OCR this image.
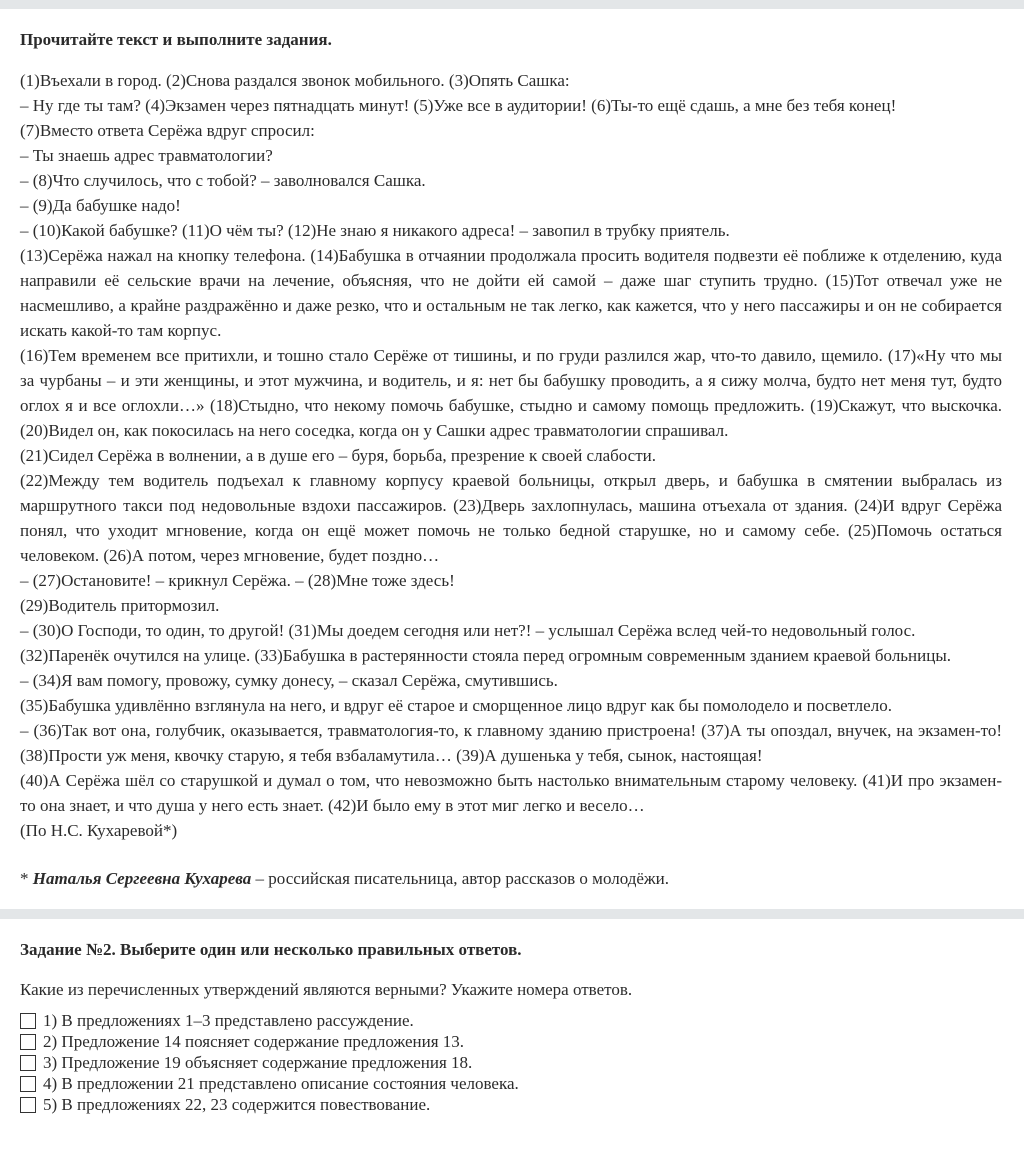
Прочитайте текст и выполните задания.

(1)Въехали в город. (2)Снова раздался звонок мобильного. (3)Опять Сашка:

– Ну где ты там? (4)Экзамен через пятнадцать минут! (5)Уже все в аудитории! (6)Ты-то ещё сдашь, а мне без тебя конец!

(7)Вместо ответа Серёжа вдруг спросил:

– Ты знаешь адрес травматологии?

– (8)Что случилось, что с тобой? – заволновался Сашка.

– (9)Да бабушке надо!

– (10)Какой бабушке? (11)О чём ты? (12)Не знаю я никакого адреса! – завопил в трубку приятель.

(13)Серёжа нажал на кнопку телефона. (14)Бабушка в отчаянии продолжала просить водителя подвезти её поближе к отделению, куда направили её сельские врачи на лечение, объясняя, что не дойти ей самой – даже шаг ступить трудно. (15)Тот отвечал уже не насмешливо, а крайне раздражённо и даже резко, что и остальным не так легко, как кажется, что у него пассажиры и он не собирается искать какой-то там корпус.

(16)Тем временем все притихли, и тошно стало Серёже от тишины, и по груди разлился жар, что-то давило, щемило. (17)«Ну что мы за чурбаны – и эти женщины, и этот мужчина, и водитель, и я: нет бы бабушку проводить, а я сижу молча, будто нет меня тут, будто оглох я и все оглохли…» (18)Стыдно, что некому помочь бабушке, стыдно и самому помощь предложить. (19)Скажут, что выскочка. (20)Видел он, как покосилась на него соседка, когда он у Сашки адрес травматологии спрашивал.

(21)Сидел Серёжа в волнении, а в душе его – буря, борьба, презрение к своей слабости.

(22)Между тем водитель подъехал к главному корпусу краевой больницы, открыл дверь, и бабушка в смятении выбралась из маршрутного такси под недовольные вздохи пассажиров. (23)Дверь захлопнулась, машина отъехала от здания. (24)И вдруг Серёжа понял, что уходит мгновение, когда он ещё может помочь не только бедной старушке, но и самому себе. (25)Помочь остаться человеком. (26)А потом, через мгновение, будет поздно…

– (27)Остановите! – крикнул Серёжа. – (28)Мне тоже здесь!

(29)Водитель притормозил.

– (30)О Господи, то один, то другой! (31)Мы доедем сегодня или нет?! – услышал Серёжа вслед чей-то недовольный голос.

(32)Паренёк очутился на улице. (33)Бабушка в растерянности стояла перед огромным современным зданием краевой больницы.

– (34)Я вам помогу, провожу, сумку донесу, – сказал Серёжа, смутившись.

(35)Бабушка удивлённо взглянула на него, и вдруг её старое и сморщенное лицо вдруг как бы помолодело и посветлело.

– (36)Так вот она, голубчик, оказывается, травматология-то, к главному зданию пристроена! (37)А ты опоздал, внучек, на экзамен-то! (38)Прости уж меня, квочку старую, я тебя взбаламутила… (39)А душенька у тебя, сынок, настоящая!

(40)А Серёжа шёл со старушкой и думал о том, что невозможно быть настолько внимательным старому человеку. (41)И про экзамен-то она знает, и что душа у него есть знает. (42)И было ему в этот миг легко и весело…

(По Н.С. Кухаревой*)

* Наталья Сергеевна Кухарева – российская писательница, автор рассказов о молодёжи.
Задание №2. Выберите один или несколько правильных ответов.
Какие из перечисленных утверждений являются верными? Укажите номера ответов.
1) В предложениях 1–3 представлено рассуждение.
2) Предложение 14 поясняет содержание предложения 13.
3) Предложение 19 объясняет содержание предложения 18.
4) В предложении 21 представлено описание состояния человека.
5) В предложениях 22, 23 содержится повествование.
